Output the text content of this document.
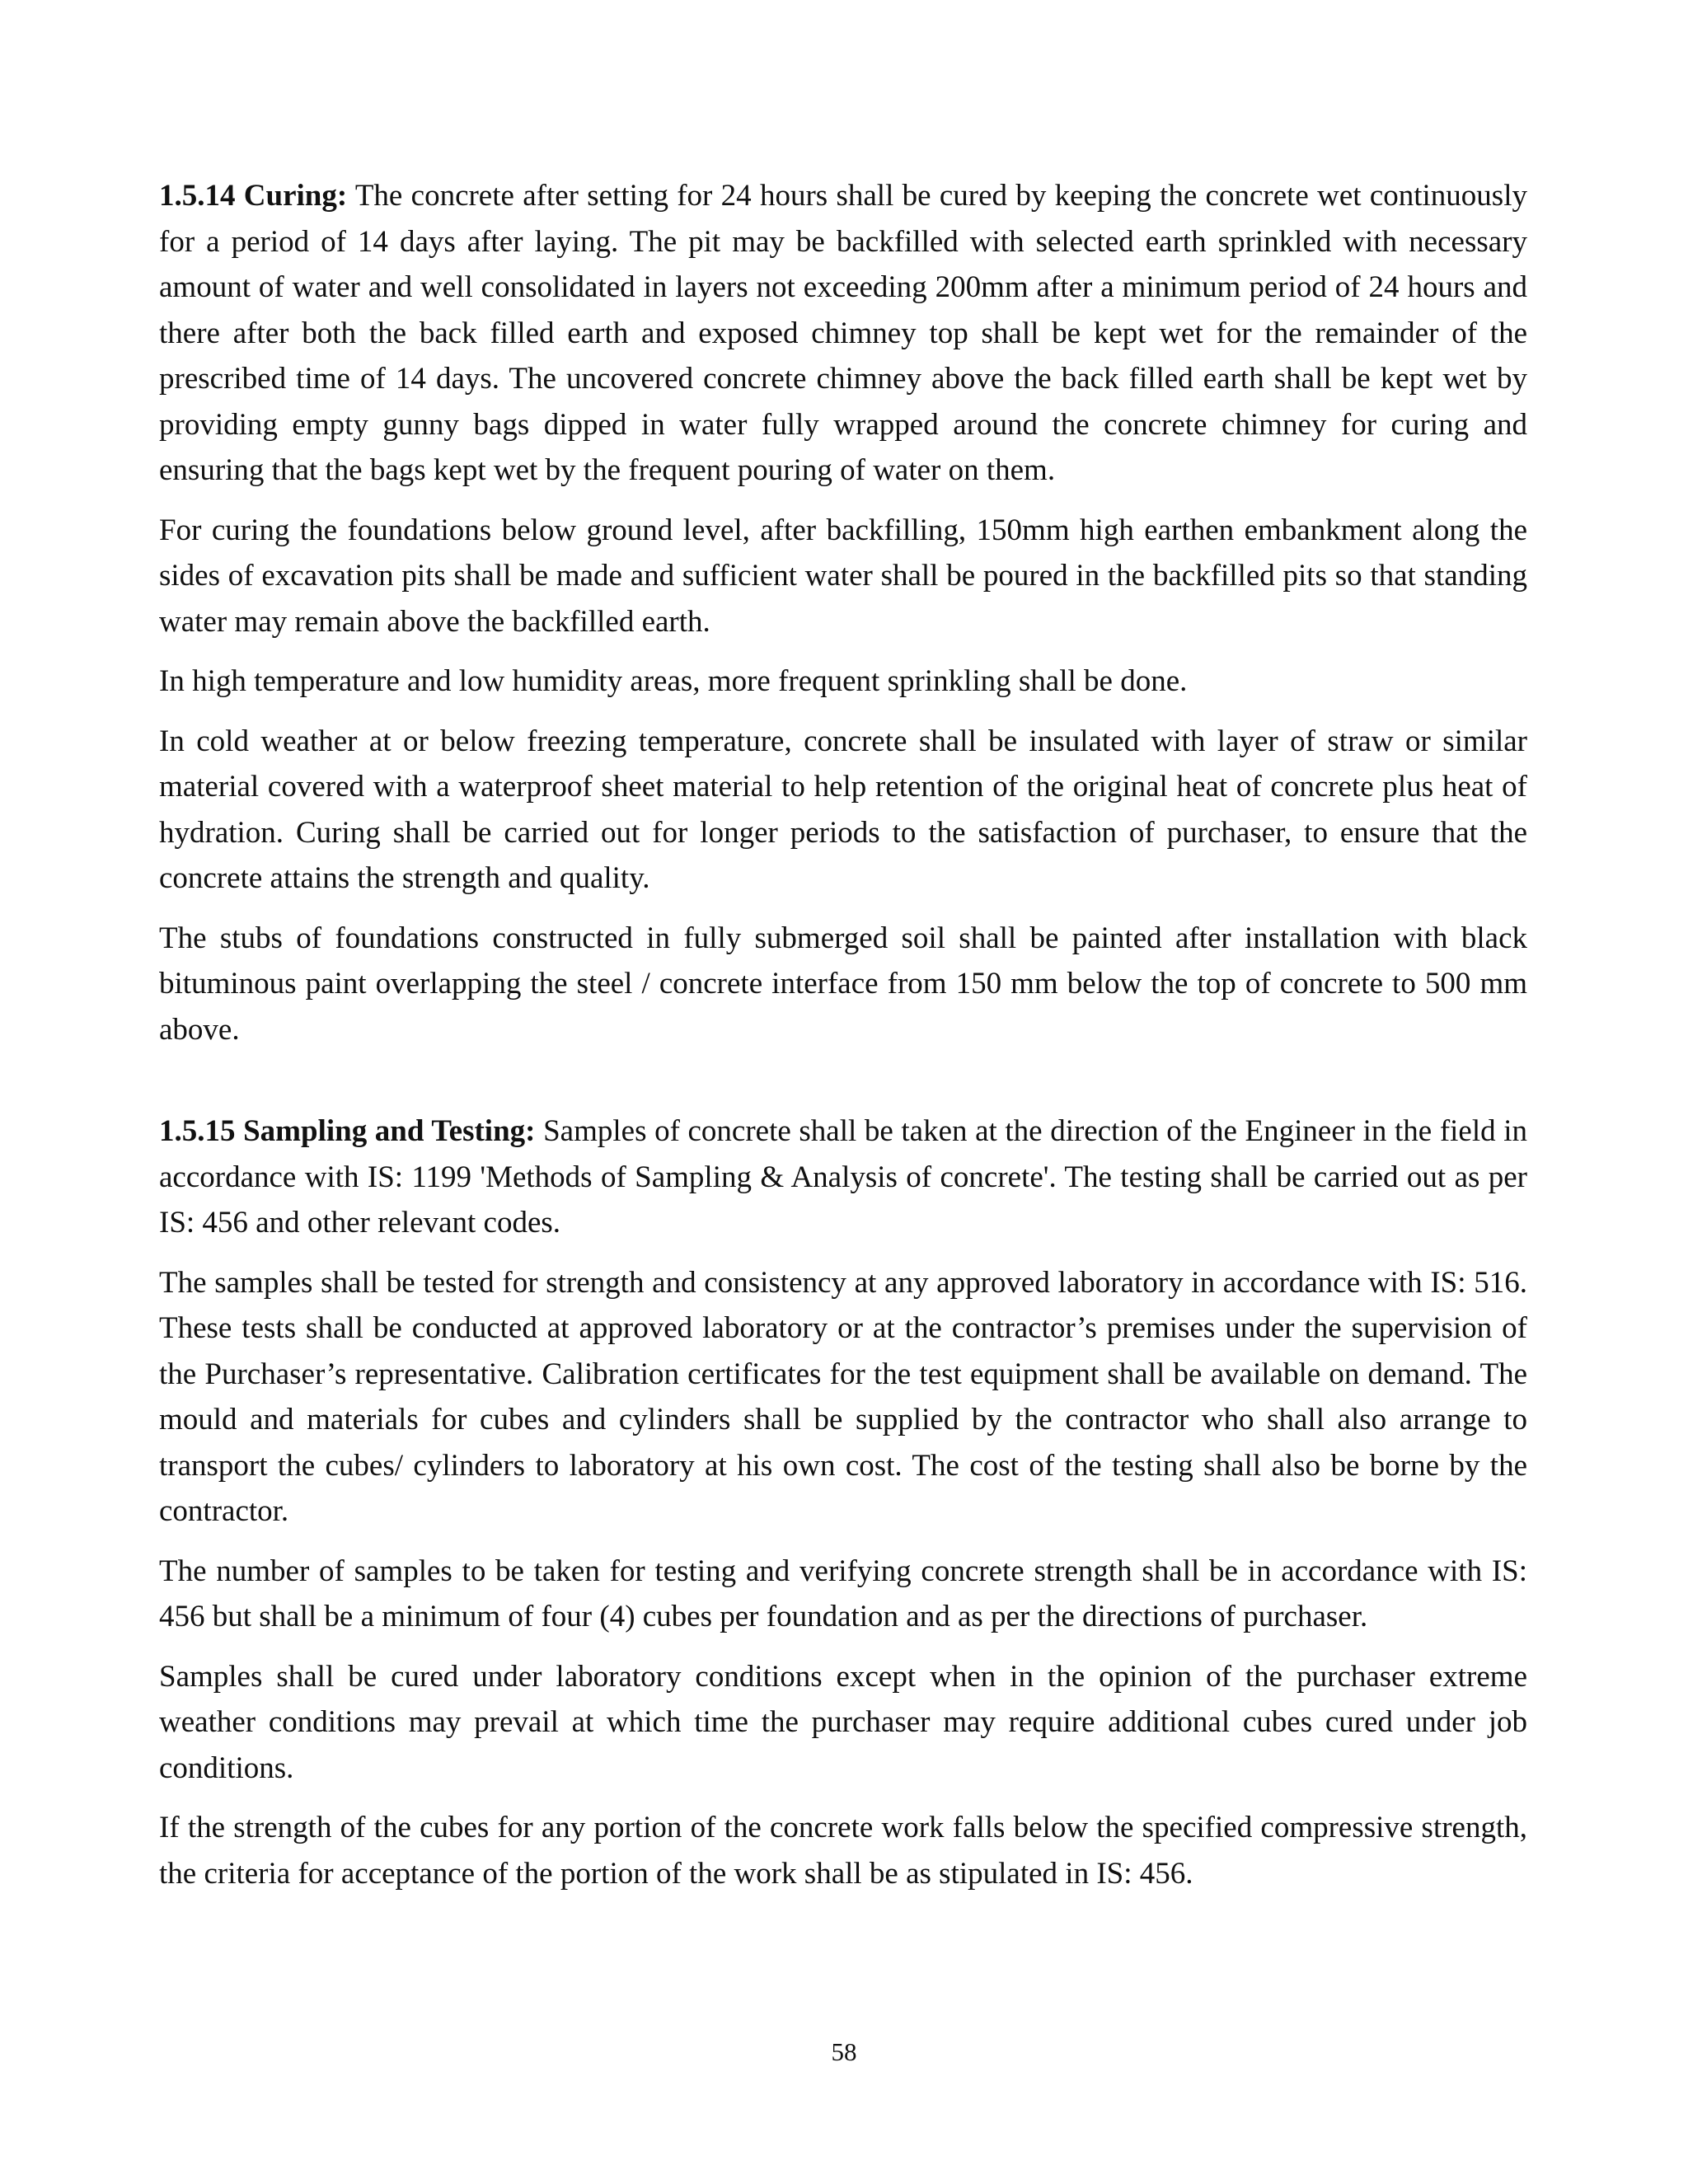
1.5.14 Curing: The concrete after setting for 24 hours shall be cured by keeping the concrete wet continuously for a period of 14 days after laying. The pit may be backfilled with selected earth sprinkled with necessary amount of water and well consolidated in layers not exceeding 200mm after a minimum period of 24 hours and there after both the back filled earth and exposed chimney top shall be kept wet for the remainder of the prescribed time of 14 days. The uncovered concrete chimney above the back filled earth shall be kept wet by providing empty gunny bags dipped in water fully wrapped around the concrete chimney for curing and ensuring that the bags kept wet by the frequent pouring of water on them.

For curing the foundations below ground level, after backfilling, 150mm high earthen embankment along the sides of excavation pits shall be made and sufficient water shall be poured in the backfilled pits so that standing water may remain above the backfilled earth.

In high temperature and low humidity areas, more frequent sprinkling shall be done.

In cold weather at or below freezing temperature, concrete shall be insulated with layer of straw or similar material covered with a waterproof sheet material to help retention of the original heat of concrete plus heat of hydration. Curing shall be carried out for longer periods to the satisfaction of purchaser, to ensure that the concrete attains the strength and quality.

The stubs of foundations constructed in fully submerged soil shall be painted after installation with black bituminous paint overlapping the steel / concrete interface from 150 mm below the top of concrete to 500 mm above.

1.5.15 Sampling and Testing: Samples of concrete shall be taken at the direction of the Engineer in the field in accordance with IS: 1199 'Methods of Sampling & Analysis of concrete'. The testing shall be carried out as per IS: 456 and other relevant codes.

The samples shall be tested for strength and consistency at any approved laboratory in accordance with IS: 516. These tests shall be conducted at approved laboratory or at the contractor’s premises under the supervision of the Purchaser’s representative. Calibration certificates for the test equipment shall be available on demand. The mould and materials for cubes and cylinders shall be supplied by the contractor who shall also arrange to transport the cubes/ cylinders to laboratory at his own cost. The cost of the testing shall also be borne by the contractor.

The number of samples to be taken for testing and verifying concrete strength shall be in accordance with IS: 456 but shall be a minimum of four (4) cubes per foundation and as per the directions of purchaser.

Samples shall be cured under laboratory conditions except when in the opinion of the purchaser extreme weather conditions may prevail at which time the purchaser may require additional cubes cured under job conditions.

If the strength of the cubes for any portion of the concrete work falls below the specified compressive strength, the criteria for acceptance of the portion of the work shall be as stipulated in IS: 456.

58
